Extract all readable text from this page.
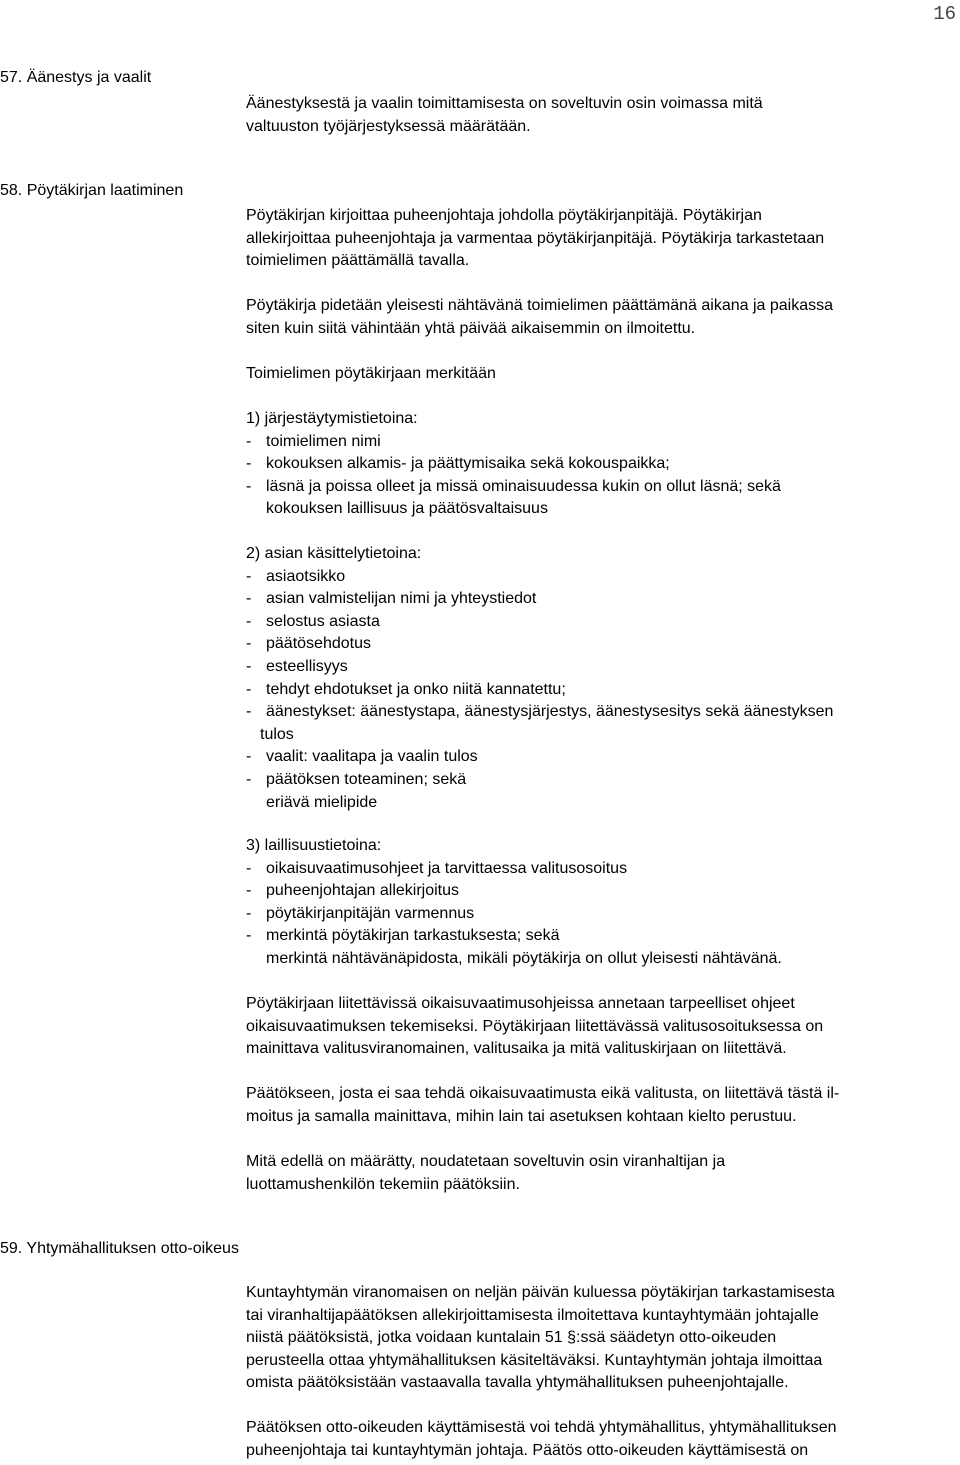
16
57. Äänestys ja vaalit
Äänestyksestä ja vaalin toimittamisesta on soveltuvin osin voimassa mitä
valtuuston työjärjestyksessä määrätään.
58. Pöytäkirjan laatiminen
Pöytäkirjan kirjoittaa puheenjohtaja johdolla pöytäkirjanpitäjä. Pöytäkirjan
allekirjoittaa puheenjohtaja ja varmentaa pöytäkirjanpitäjä. Pöytäkirja tarkastetaan
toimielimen päättämällä tavalla.
Pöytäkirja pidetään yleisesti nähtävänä toimielimen päättämänä aikana ja paikassa
siten kuin siitä vähintään yhtä päivää aikaisemmin on ilmoitettu.
Toimielimen pöytäkirjaan merkitään
1) järjestäytymistietoina:
- toimielimen nimi
- kokouksen alkamis- ja päättymisaika sekä kokouspaikka;
- läsnä ja poissa olleet ja missä ominaisuudessa kukin on ollut läsnä; sekä
kokouksen laillisuus ja päätösvaltaisuus
2) asian käsittelytietoina:
- asiaotsikko
- asian valmistelijan nimi ja yhteystiedot
- selostus asiasta
- päätösehdotus
- esteellisyys
- tehdyt ehdotukset ja onko niitä kannatettu;
- äänestykset: äänestystapa, äänestysjärjestys, äänestysesitys sekä äänestyksen
tulos
- vaalit: vaalitapa ja vaalin tulos
- päätöksen toteaminen; sekä
eriävä mielipide
3) laillisuustietoina:
- oikaisuvaatimusohjeet ja tarvittaessa valitusosoitus
- puheenjohtajan allekirjoitus
- pöytäkirjanpitäjän varmennus
- merkintä pöytäkirjan tarkastuksesta; sekä
merkintä nähtävänäpidosta, mikäli pöytäkirja on ollut yleisesti nähtävänä.
Pöytäkirjaan liitettävissä oikaisuvaatimusohjeissa annetaan tarpeelliset ohjeet
oikaisuvaatimuksen tekemiseksi. Pöytäkirjaan liitettävässä valitusosoituksessa on
mainittava valitusviranomainen, valitusaika ja mitä valituskirjaan on liitettävä.
Päätökseen, josta ei saa tehdä oikaisuvaatimusta eikä valitusta, on liitettävä tästä il-
moitus ja samalla mainittava, mihin lain tai asetuksen kohtaan kielto perustuu.
Mitä edellä on määrätty, noudatetaan soveltuvin osin viranhaltijan ja
luottamushenkilön tekemiin päätöksiin.
59. Yhtymähallituksen otto-oikeus
Kuntayhtymän viranomaisen on neljän päivän kuluessa pöytäkirjan tarkastamisesta
tai viranhaltijapäätöksen allekirjoittamisesta ilmoitettava kuntayhtymään johtajalle
niistä päätöksistä, jotka voidaan kuntalain 51 §:ssä säädetyn otto-oikeuden
perusteella ottaa yhtymähallituksen käsiteltäväksi. Kuntayhtymän johtaja ilmoittaa
omista päätöksistään vastaavalla tavalla yhtymähallituksen puheenjohtajalle.
Päätöksen otto-oikeuden käyttämisestä voi tehdä yhtymähallitus, yhtymähallituksen
puheenjohtaja tai kuntayhtymän johtaja. Päätös otto-oikeuden käyttämisestä on
